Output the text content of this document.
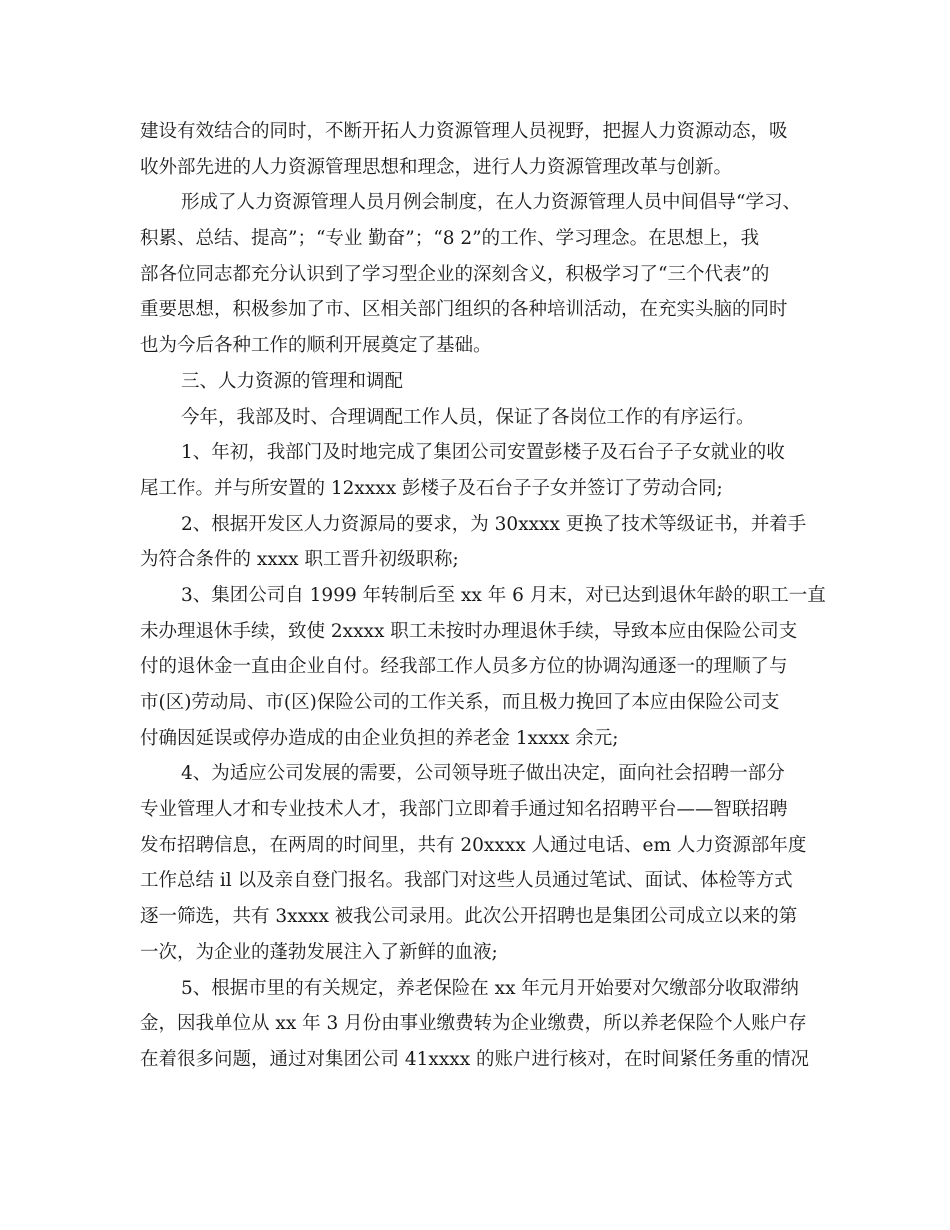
建设有效结合的同时，不断开拓人力资源管理人员视野，把握人力资源动态，吸
收外部先进的人力资源管理思想和理念，进行人力资源管理改革与创新。
形成了人力资源管理人员月例会制度，在人力资源管理人员中间倡导“学习、
积累、总结、提高”；“专业 勤奋”；“8 2”的工作、学习理念。在思想上，我
部各位同志都充分认识到了学习型企业的深刻含义，积极学习了“三个代表”的
重要思想，积极参加了市、区相关部门组织的各种培训活动，在充实头脑的同时
也为今后各种工作的顺利开展奠定了基础。
三、人力资源的管理和调配
今年，我部及时、合理调配工作人员，保证了各岗位工作的有序运行。
1、年初，我部门及时地完成了集团公司安置彭楼子及石台子子女就业的收
尾工作。并与所安置的 12xxxx 彭楼子及石台子子女并签订了劳动合同;
2、根据开发区人力资源局的要求，为 30xxxx 更换了技术等级证书，并着手
为符合条件的 xxxx 职工晋升初级职称;
3、集团公司自 1999 年转制后至 xx 年 6 月末，对已达到退休年龄的职工一直
未办理退休手续，致使 2xxxx 职工未按时办理退休手续，导致本应由保险公司支
付的退休金一直由企业自付。经我部工作人员多方位的协调沟通逐一的理顺了与
市(区)劳动局、市(区)保险公司的工作关系，而且极力挽回了本应由保险公司支
付确因延误或停办造成的由企业负担的养老金 1xxxx 余元;
4、为适应公司发展的需要，公司领导班子做出决定，面向社会招聘一部分
专业管理人才和专业技术人才，我部门立即着手通过知名招聘平台——智联招聘
发布招聘信息，在两周的时间里，共有 20xxxx 人通过电话、em 人力资源部年度
工作总结 il 以及亲自登门报名。我部门对这些人员通过笔试、面试、体检等方式
逐一筛选，共有 3xxxx 被我公司录用。此次公开招聘也是集团公司成立以来的第
一次，为企业的蓬勃发展注入了新鲜的血液;
5、根据市里的有关规定，养老保险在 xx 年元月开始要对欠缴部分收取滞纳
金，因我单位从 xx 年 3 月份由事业缴费转为企业缴费，所以养老保险个人账户存
在着很多问题，通过对集团公司 41xxxx 的账户进行核对，在时间紧任务重的情况
